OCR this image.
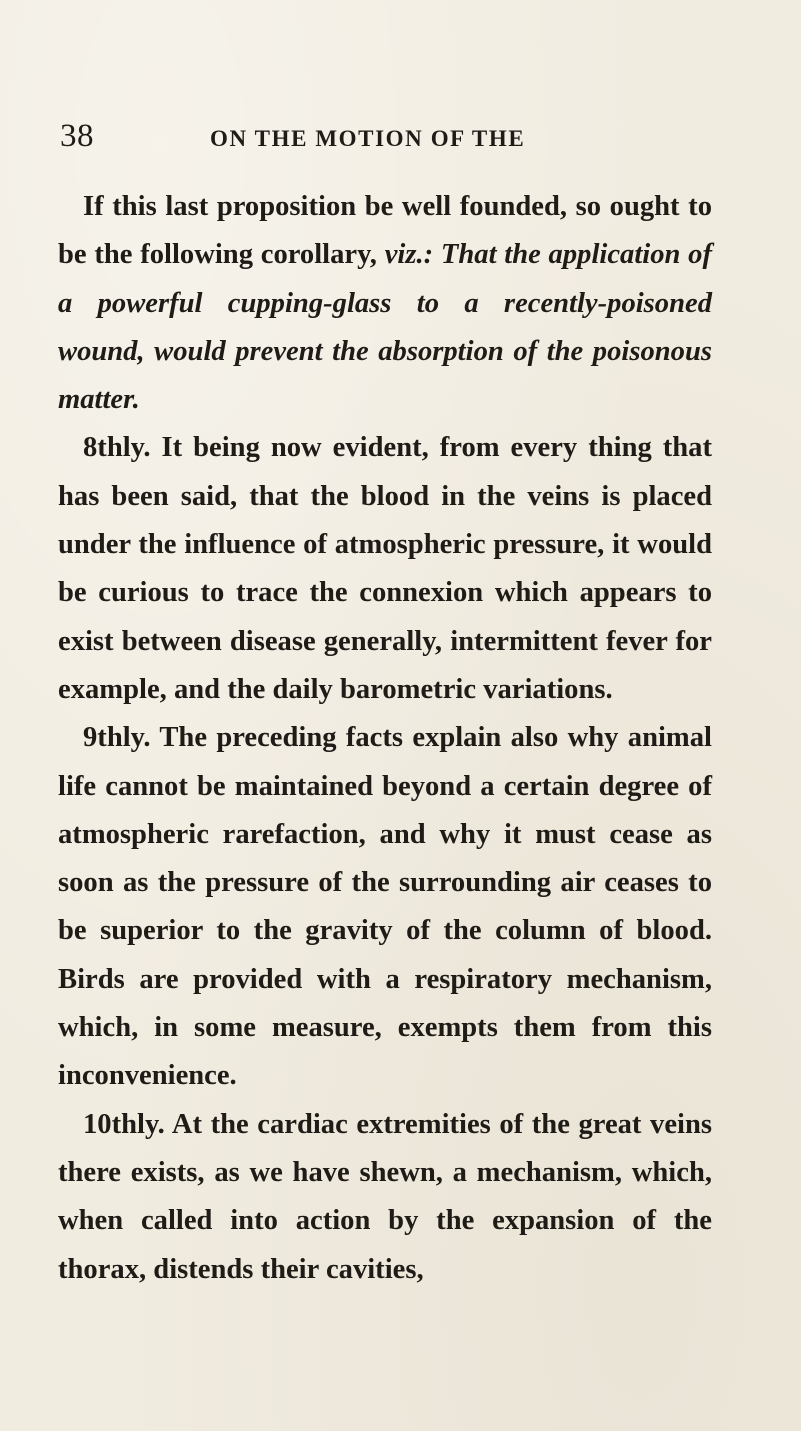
38	ON THE MOTION OF THE

If this last proposition be well founded, so ought to be the following corollary, viz.: That the application of a powerful cupping-glass to a recently-poisoned wound, would prevent the absorption of the poisonous matter.

8thly. It being now evident, from every thing that has been said, that the blood in the veins is placed under the influence of atmospheric pressure, it would be curious to trace the connexion which appears to exist between disease generally, intermittent fever for example, and the daily barometric variations.

9thly. The preceding facts explain also why animal life cannot be maintained beyond a certain degree of atmospheric rarefaction, and why it must cease as soon as the pressure of the surrounding air ceases to be superior to the gravity of the column of blood. Birds are provided with a respiratory mechanism, which, in some measure, exempts them from this inconvenience.

10thly. At the cardiac extremities of the great veins there exists, as we have shewn, a mechanism, which, when called into action by the expansion of the thorax, distends their cavities,
